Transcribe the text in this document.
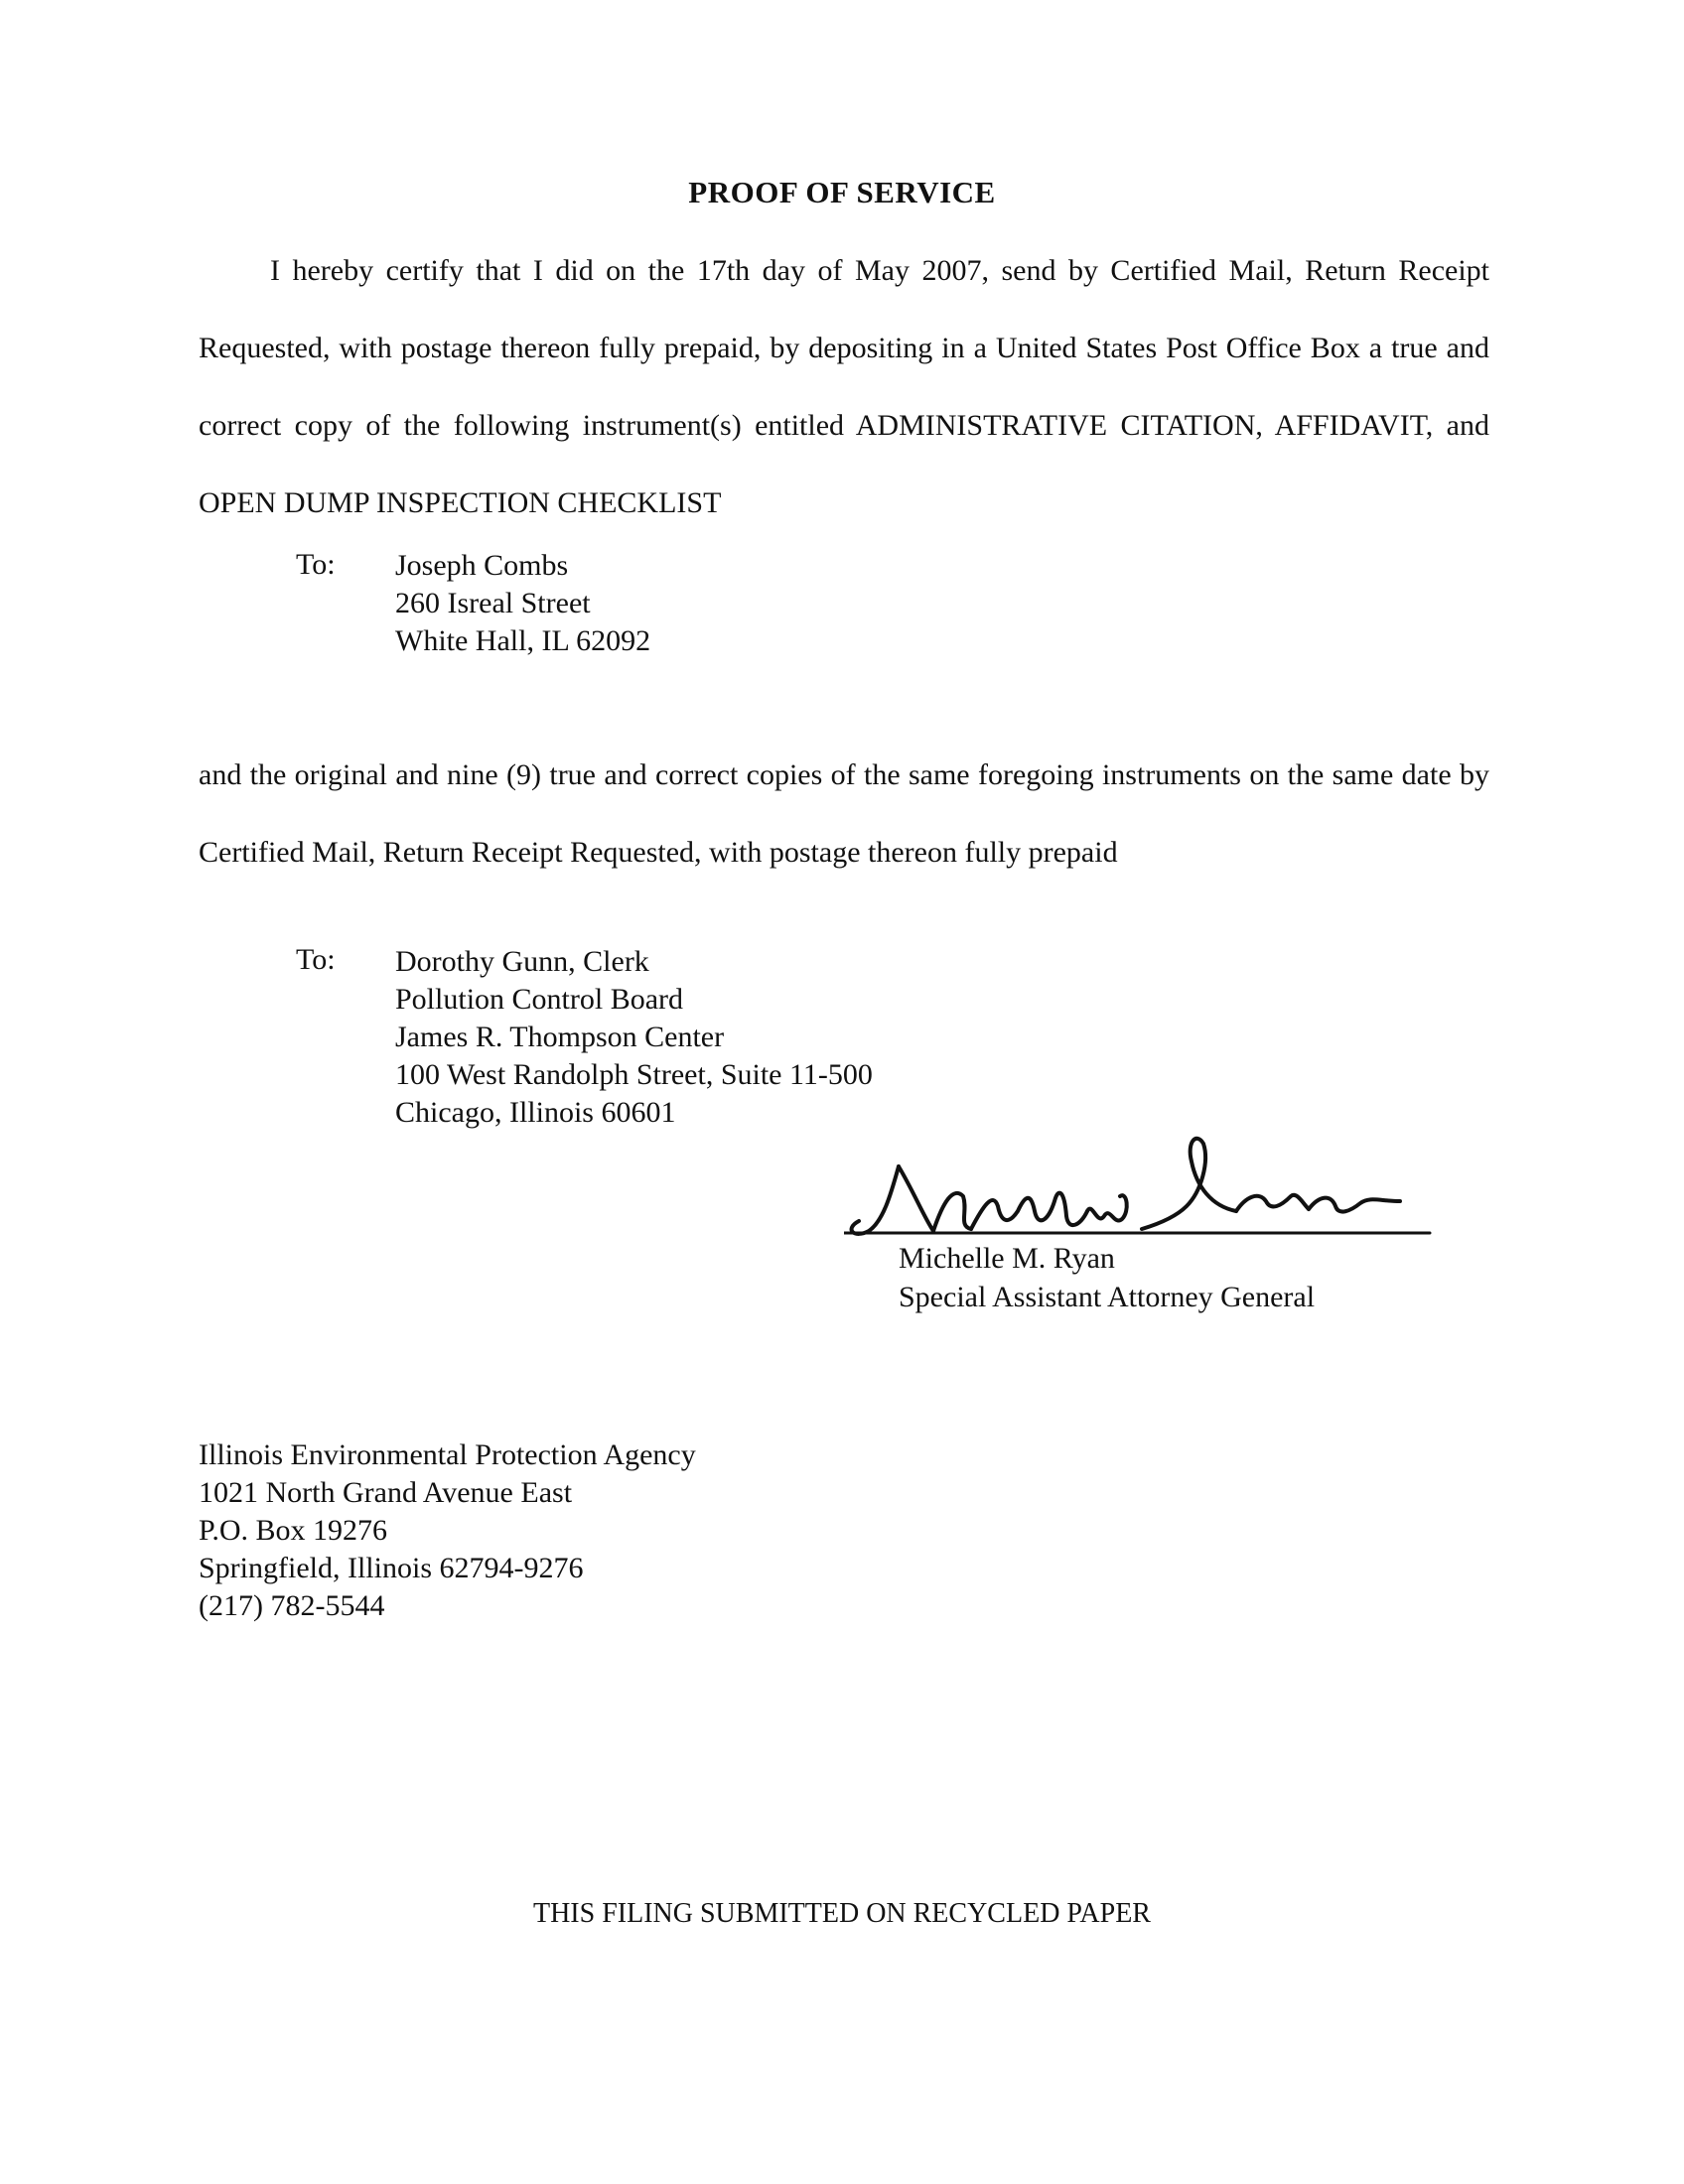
PROOF OF SERVICE

I hereby certify that I did on the 17th day of May 2007, send by Certified Mail, Return Receipt Requested, with postage thereon fully prepaid, by depositing in a United States Post Office Box a true and correct copy of the following instrument(s) entitled ADMINISTRATIVE CITATION, AFFIDAVIT, and OPEN DUMP INSPECTION CHECKLIST

To: Joseph Combs
260 Isreal Street
White Hall, IL 62092

and the original and nine (9) true and correct copies of the same foregoing instruments on the same date by Certified Mail, Return Receipt Requested, with postage thereon fully prepaid

To: Dorothy Gunn, Clerk
Pollution Control Board
James R. Thompson Center
100 West Randolph Street, Suite 11-500
Chicago, Illinois 60601
Michelle M. Ryan
Special Assistant Attorney General
Illinois Environmental Protection Agency
1021 North Grand Avenue East
P.O. Box 19276
Springfield, Illinois 62794-9276
(217) 782-5544
THIS FILING SUBMITTED ON RECYCLED PAPER
